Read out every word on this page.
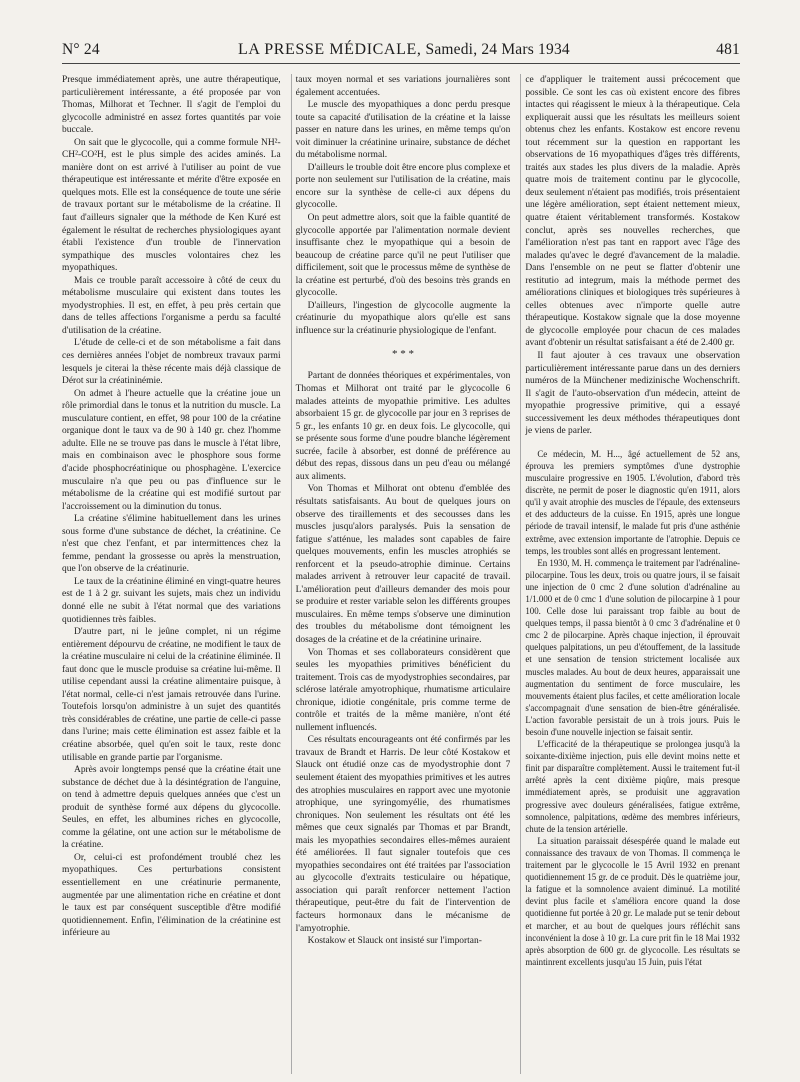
N° 24	LA PRESSE MÉDICALE, Samedi, 24 Mars 1934	481

Presque immédiatement après, une autre thérapeutique, particulièrement intéressante, a été proposée par von Thomas, Milhorat et Techner. Il s'agit de l'emploi du glycocolle administré en assez fortes quantités par voie buccale.

On sait que le glycocolle, qui a comme formule NH²-CH²-CO²H, est le plus simple des acides aminés. La manière dont on est arrivé à l'utiliser au point de vue thérapeutique est intéressante et mérite d'être exposée en quelques mots. Elle est la conséquence de toute une série de travaux portant sur le métabolisme de la créatine. Il faut d'ailleurs signaler que la méthode de Ken Kuré est également le résultat de recherches physiologiques ayant établi l'existence d'un trouble de l'innervation sympathique des muscles volontaires chez les myopathiques.

Mais ce trouble paraît accessoire à côté de ceux du métabolisme musculaire qui existent dans toutes les myodystrophies. Il est, en effet, à peu près certain que dans de telles affections l'organisme a perdu sa faculté d'utilisation de la créatine.

L'étude de celle-ci et de son métabolisme a fait dans ces dernières années l'objet de nombreux travaux parmi lesquels je citerai la thèse récente mais déjà classique de Dérot sur la créatininémie.

On admet à l'heure actuelle que la créatine joue un rôle primordial dans le tonus et la nutrition du muscle. La musculature contient, en effet, 98 pour 100 de la créatine organique dont le taux va de 90 à 140 gr. chez l'homme adulte. Elle ne se trouve pas dans le muscle à l'état libre, mais en combinaison avec le phosphore sous forme d'acide phosphocréatinique ou phosphagène. L'exercice musculaire n'a que peu ou pas d'influence sur le métabolisme de la créatine qui est modifié surtout par l'accroissement ou la diminution du tonus.

La créatine s'élimine habituellement dans les urines sous forme d'une substance de déchet, la créatinine. Ce n'est que chez l'enfant, et par intermittences chez la femme, pendant la grossesse ou après la menstruation, que l'on observe de la créatinurie.

Le taux de la créatinine éliminé en vingt-quatre heures est de 1 à 2 gr. suivant les sujets, mais chez un individu donné elle ne subit à l'état normal que des variations quotidiennes très faibles.

D'autre part, ni le jeûne complet, ni un régime entièrement dépourvu de créatine, ne modifient le taux de la créatine musculaire ni celui de la créatinine éliminée. Il faut donc que le muscle produise sa créatine lui-même. Il utilise cependant aussi la créatine alimentaire puisque, à l'état normal, celle-ci n'est jamais retrouvée dans l'urine. Toutefois lorsqu'on administre à un sujet des quantités très considérables de créatine, une partie de celle-ci passe dans l'urine; mais cette élimination est assez faible et la créatine absorbée, quel qu'en soit le taux, reste donc utilisable en grande partie par l'organisme.

Après avoir longtemps pensé que la créatine était une substance de déchet due à la désintégration de l'anguine, on tend à admettre depuis quelques années que c'est un produit de synthèse formé aux dépens du glycocolle. Seules, en effet, les albumines riches en glycocolle, comme la gélatine, ont une action sur le métabolisme de la créatine.

Or, celui-ci est profondément troublé chez les myopathiques. Ces perturbations consistent essentiellement en une créatinurie permanente, augmentée par une alimentation riche en créatine et dont le taux est par conséquent susceptible d'être modifié quotidiennement. Enfin, l'élimination de la créatinine est inférieure au

taux moyen normal et ses variations journalières sont également accentuées.

Le muscle des myopathiques a donc perdu presque toute sa capacité d'utilisation de la créatine et la laisse passer en nature dans les urines, en même temps qu'on voit diminuer la créatinine urinaire, substance de déchet du métabolisme normal.

D'ailleurs le trouble doit être encore plus complexe et porte non seulement sur l'utilisation de la créatine, mais encore sur la synthèse de celle-ci aux dépens du glycocolle.

On peut admettre alors, soit que la faible quantité de glycocolle apportée par l'alimentation normale devient insuffisante chez le myopathique qui a besoin de beaucoup de créatine parce qu'il ne peut l'utiliser que difficilement, soit que le processus même de synthèse de la créatine est perturbé, d'où des besoins très grands en glycocolle.

D'ailleurs, l'ingestion de glycocolle augmente la créatinurie du myopathique alors qu'elle est sans influence sur la créatinurie physiologique de l'enfant.

* * *

Partant de données théoriques et expérimentales, von Thomas et Milhorat ont traité par le glycocolle 6 malades atteints de myopathie primitive. Les adultes absorbaient 15 gr. de glycocolle par jour en 3 reprises de 5 gr., les enfants 10 gr. en deux fois. Le glycocolle, qui se présente sous forme d'une poudre blanche légèrement sucrée, facile à absorber, est donné de préférence au début des repas, dissous dans un peu d'eau ou mélangé aux aliments.

Von Thomas et Milhorat ont obtenu d'emblée des résultats satisfaisants. Au bout de quelques jours on observe des tiraillements et des secousses dans les muscles jusqu'alors paralysés. Puis la sensation de fatigue s'atténue, les malades sont capables de faire quelques mouvements, enfin les muscles atrophiés se renforcent et la pseudo-atrophie diminue. Certains malades arrivent à retrouver leur capacité de travail. L'amélioration peut d'ailleurs demander des mois pour se produire et rester variable selon les différents groupes musculaires. En même temps s'observe une diminution des troubles du métabolisme dont témoignent les dosages de la créatine et de la créatinine urinaire.

Von Thomas et ses collaborateurs considèrent que seules les myopathies primitives bénéficient du traitement. Trois cas de myodystrophies secondaires, par sclérose latérale amyotrophique, rhumatisme articulaire chronique, idiotie congénitale, pris comme terme de contrôle et traités de la même manière, n'ont été nullement influencés.

Ces résultats encourageants ont été confirmés par les travaux de Brandt et Harris. De leur côté Kostakow et Slauck ont étudié onze cas de myodystrophie dont 7 seulement étaient des myopathies primitives et les autres des atrophies musculaires en rapport avec une myotonie atrophique, une syringomyélie, des rhumatismes chroniques. Non seulement les résultats ont été les mêmes que ceux signalés par Thomas et par Brandt, mais les myopathies secondaires elles-mêmes auraient été améliorées. Il faut signaler toutefois que ces myopathies secondaires ont été traitées par l'association au glycocolle d'extraits testiculaire ou hépatique, association qui paraît renforcer nettement l'action thérapeutique, peut-être du fait de l'intervention de facteurs hormonaux dans le mécanisme de l'amyotrophie.

Kostakow et Slauck ont insisté sur l'importan-

ce d'appliquer le traitement aussi précocement que possible. Ce sont les cas où existent encore des fibres intactes qui réagissent le mieux à la thérapeutique. Cela expliquerait aussi que les résultats les meilleurs soient obtenus chez les enfants. Kostakow est encore revenu tout récemment sur la question en rapportant les observations de 16 myopathiques d'âges très différents, traités aux stades les plus divers de la maladie. Après quatre mois de traitement continu par le glycocolle, deux seulement n'étaient pas modifiés, trois présentaient une légère amélioration, sept étaient nettement mieux, quatre étaient véritablement transformés. Kostakow conclut, après ses nouvelles recherches, que l'amélioration n'est pas tant en rapport avec l'âge des malades qu'avec le degré d'avancement de la maladie. Dans l'ensemble on ne peut se flatter d'obtenir une restitutio ad integrum, mais la méthode permet des améliorations cliniques et biologiques très supérieures à celles obtenues avec n'importe quelle autre thérapeutique. Kostakow signale que la dose moyenne de glycocolle employée pour chacun de ces malades avant d'obtenir un résultat satisfaisant a été de 2.400 gr.

Il faut ajouter à ces travaux une observation particulièrement intéressante parue dans un des derniers numéros de la Münchener medizinische Wochenschrift. Il s'agit de l'auto-observation d'un médecin, atteint de myopathie progressive primitive, qui a essayé successivement les deux méthodes thérapeutiques dont je viens de parler.

Ce médecin, M. H..., âgé actuellement de 52 ans, éprouva les premiers symptômes d'une dystrophie musculaire progressive en 1905. L'évolution, d'abord très discrète, ne permit de poser le diagnostic qu'en 1911, alors qu'il y avait atrophie des muscles de l'épaule, des extenseurs et des adducteurs de la cuisse. En 1915, après une longue période de travail intensif, le malade fut pris d'une asthénie extrême, avec extension importante de l'atrophie. Depuis ce temps, les troubles sont allés en progressant lentement.

En 1930, M. H. commença le traitement par l'adrénaline-pilocarpine. Tous les deux, trois ou quatre jours, il se faisait une injection de 0 cmc 2 d'une solution d'adrénaline au 1/1.000 et de 0 cmc 1 d'une solution de pilocarpine à 1 pour 100. Celle dose lui paraissant trop faible au bout de quelques temps, il passa bientôt à 0 cmc 3 d'adrénaline et 0 cmc 2 de pilocarpine. Après chaque injection, il éprouvait quelques palpitations, un peu d'étouffement, de la lassitude et une sensation de tension strictement localisée aux muscles malades. Au bout de deux heures, apparaissait une augmentation du sentiment de force musculaire, les mouvements étaient plus faciles, et cette amélioration locale s'accompagnait d'une sensation de bien-être généralisée. L'action favorable persistait de un à trois jours. Puis le besoin d'une nouvelle injection se faisait sentir.

L'efficacité de la thérapeutique se prolongea jusqu'à la soixante-dixième injection, puis elle devint moins nette et finit par disparaître complètement. Aussi le traitement fut-il arrêté après la cent dixième piqûre, mais presque immédiatement après, se produisit une aggravation progressive avec douleurs généralisées, fatigue extrême, somnolence, palpitations, œdème des membres inférieurs, chute de la tension artérielle.

La situation paraissait désespérée quand le malade eut connaissance des travaux de von Thomas. Il commença le traitement par le glycocolle le 15 Avril 1932 en prenant quotidiennement 15 gr. de ce produit. Dès le quatrième jour, la fatigue et la somnolence avaient diminué. La motilité devint plus facile et s'améliora encore quand la dose quotidienne fut portée à 20 gr. Le malade put se tenir debout et marcher, et au bout de quelques jours réfléchit sans inconvénient la dose à 10 gr. La cure prit fin le 18 Mai 1932 après absorption de 600 gr. de glycocolle. Les résultats se maintinrent excellents jusqu'au 15 Juin, puis l'état
